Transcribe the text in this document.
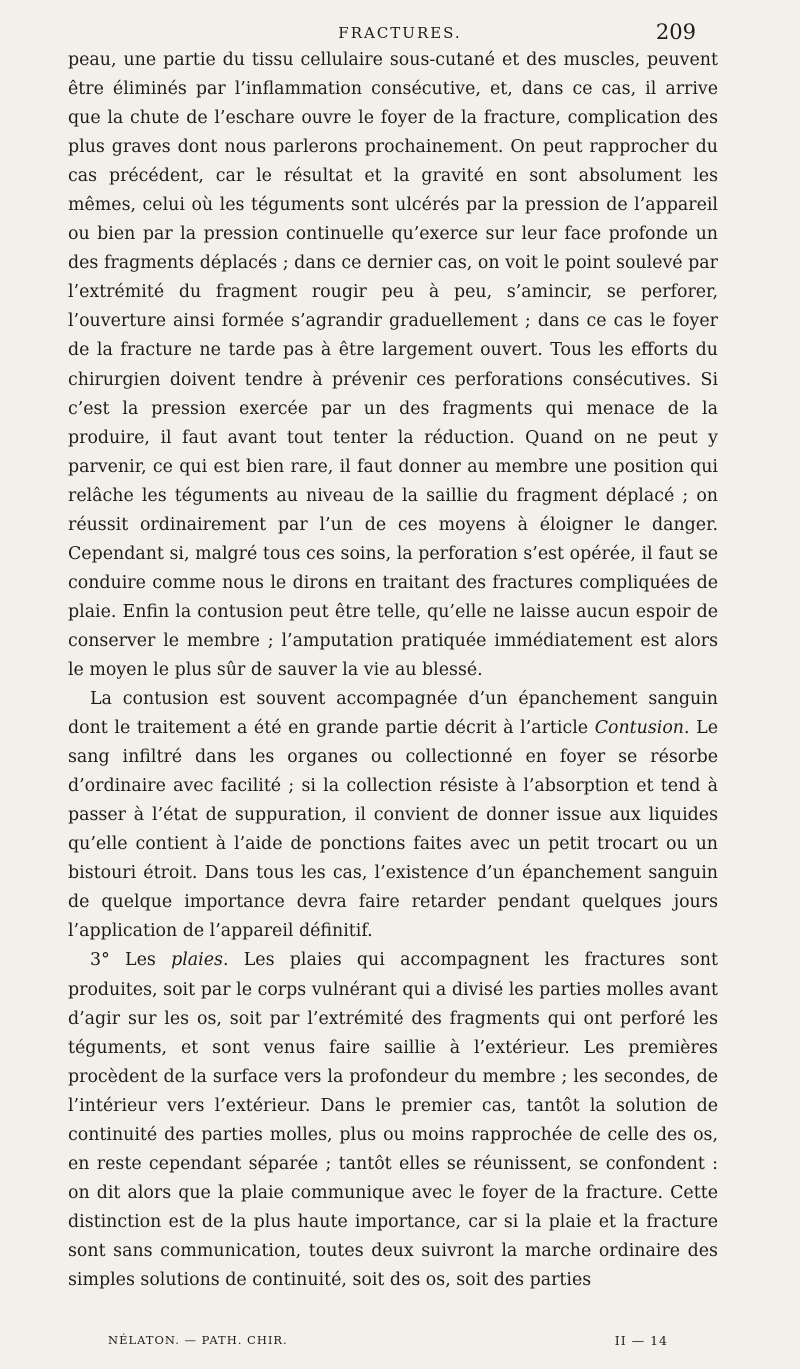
FRACTURES.	209

peau, une partie du tissu cellulaire sous-cutané et des muscles, peuvent être éliminés par l’inflammation consécutive, et, dans ce cas, il arrive que la chute de l’eschare ouvre le foyer de la fracture, complication des plus graves dont nous parlerons prochainement. On peut rapprocher du cas précédent, car le résultat et la gravité en sont absolument les mêmes, celui où les téguments sont ulcérés par la pression de l’appareil ou bien par la pression continuelle qu’exerce sur leur face profonde un des fragments déplacés ; dans ce dernier cas, on voit le point soulevé par l’extrémité du fragment rougir peu à peu, s’amincir, se perforer, l’ouverture ainsi formée s’agrandir graduellement ; dans ce cas le foyer de la fracture ne tarde pas à être largement ouvert. Tous les efforts du chirurgien doivent tendre à prévenir ces perforations consécutives. Si c’est la pression exercée par un des fragments qui menace de la produire, il faut avant tout tenter la réduction. Quand on ne peut y parvenir, ce qui est bien rare, il faut donner au membre une position qui relâche les téguments au niveau de la saillie du fragment déplacé ; on réussit ordinairement par l’un de ces moyens à éloigner le danger. Cependant si, malgré tous ces soins, la perforation s’est opérée, il faut se conduire comme nous le dirons en traitant des fractures compliquées de plaie. Enfin la contusion peut être telle, qu’elle ne laisse aucun espoir de conserver le membre ; l’amputation pratiquée immédiatement est alors le moyen le plus sûr de sauver la vie au blessé.

La contusion est souvent accompagnée d’un épanchement sanguin dont le traitement a été en grande partie décrit à l’article Contusion. Le sang infiltré dans les organes ou collectionné en foyer se résorbe d’ordinaire avec facilité ; si la collection résiste à l’absorption et tend à passer à l’état de suppuration, il convient de donner issue aux liquides qu’elle contient à l’aide de ponctions faites avec un petit trocart ou un bistouri étroit. Dans tous les cas, l’existence d’un épanchement sanguin de quelque importance devra faire retarder pendant quelques jours l’application de l’appareil définitif.

3° Les plaies. Les plaies qui accompagnent les fractures sont produites, soit par le corps vulnérant qui a divisé les parties molles avant d’agir sur les os, soit par l’extrémité des fragments qui ont perforé les téguments, et sont venus faire saillie à l’extérieur. Les premières procèdent de la surface vers la profondeur du membre ; les secondes, de l’intérieur vers l’extérieur. Dans le premier cas, tantôt la solution de continuité des parties molles, plus ou moins rapprochée de celle des os, en reste cependant séparée ; tantôt elles se réunissent, se confondent : on dit alors que la plaie communique avec le foyer de la fracture. Cette distinction est de la plus haute importance, car si la plaie et la fracture sont sans communication, toutes deux suivront la marche ordinaire des simples solutions de continuité, soit des os, soit des parties

NÉLATON. — PATH. CHIR.	II — 14
